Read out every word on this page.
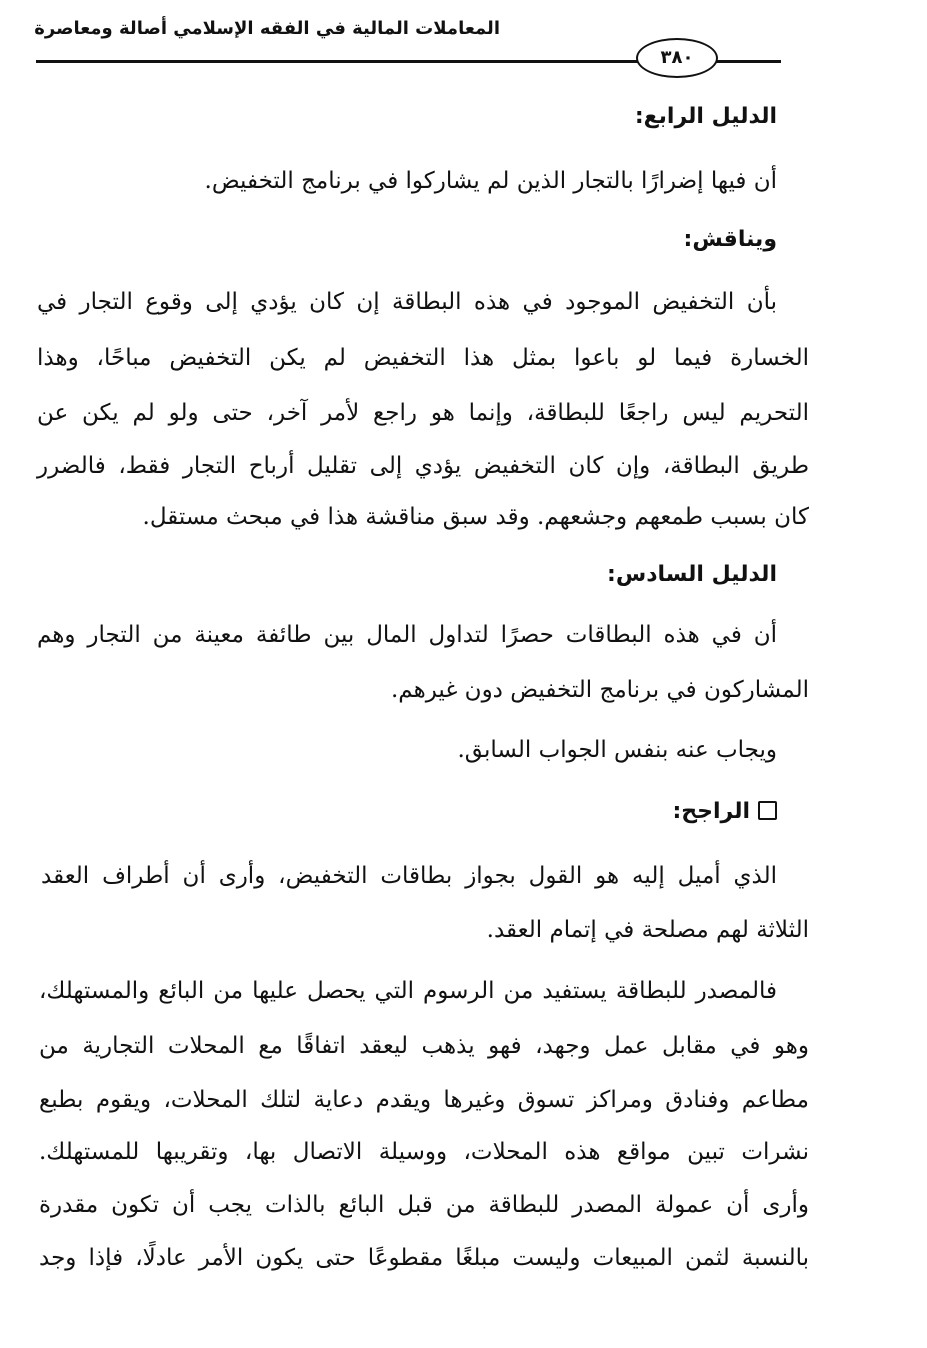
المعاملات المالية في الفقه الإسلامي أصالة ومعاصرة
٣٨٠
الدليل الرابع:
أن فيها إضرارًا بالتجار الذين لم يشاركوا في برنامج التخفيض.
ويناقش:
بأن التخفيض الموجود في هذه البطاقة إن كان يؤدي إلى وقوع التجار في
الخسارة فيما لو باعوا بمثل هذا التخفيض لم يكن التخفيض مباحًا، وهذا
التحريم ليس راجعًا للبطاقة، وإنما هو راجع لأمر آخر، حتى ولو لم يكن عن
طريق البطاقة، وإن كان التخفيض يؤدي إلى تقليل أرباح التجار فقط، فالضرر
كان بسبب طمعهم وجشعهم. وقد سبق مناقشة هذا في مبحث مستقل.
الدليل السادس:
أن في هذه البطاقات حصرًا لتداول المال بين طائفة معينة من التجار وهم
المشاركون في برنامج التخفيض دون غيرهم.
ويجاب عنه بنفس الجواب السابق.
الراجح:
الذي أميل إليه هو القول بجواز بطاقات التخفيض، وأرى أن أطراف العقد
الثلاثة لهم مصلحة في إتمام العقد.
فالمصدر للبطاقة يستفيد من الرسوم التي يحصل عليها من البائع والمستهلك،
وهو في مقابل عمل وجهد، فهو يذهب ليعقد اتفاقًا مع المحلات التجارية من
مطاعم وفنادق ومراكز تسوق وغيرها ويقدم دعاية لتلك المحلات، ويقوم بطبع
نشرات تبين مواقع هذه المحلات، ووسيلة الاتصال بها، وتقريبها للمستهلك.
وأرى أن عمولة المصدر للبطاقة من قبل البائع بالذات يجب أن تكون مقدرة
بالنسبة لثمن المبيعات وليست مبلغًا مقطوعًا حتى يكون الأمر عادلًا، فإذا وجد
